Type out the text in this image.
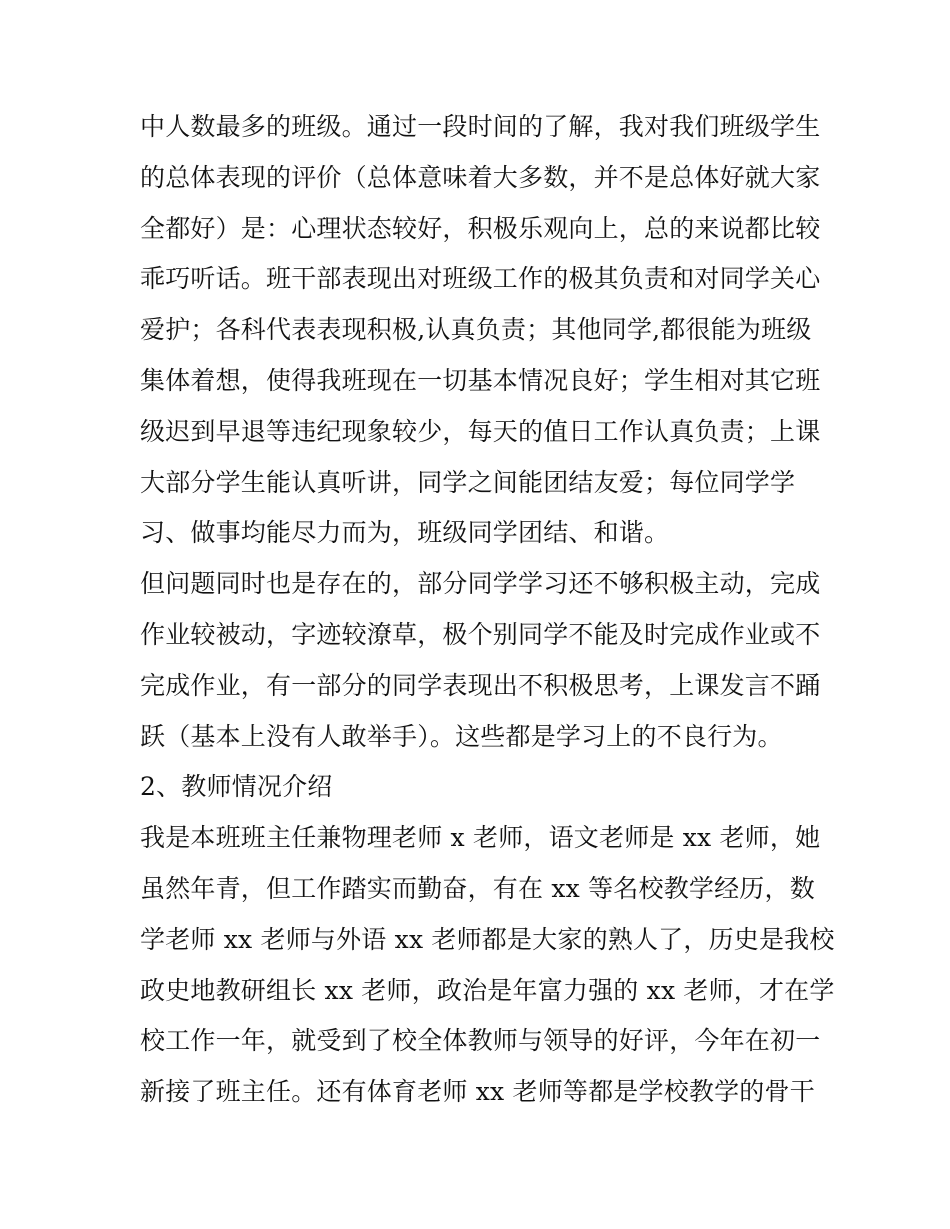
中人数最多的班级。通过一段时间的了解，我对我们班级学生
的总体表现的评价（总体意味着大多数，并不是总体好就大家
全都好）是：心理状态较好，积极乐观向上，总的来说都比较
乖巧听话。班干部表现出对班级工作的极其负责和对同学关心
爱护；各科代表表现积极,认真负责；其他同学,都很能为班级
集体着想，使得我班现在一切基本情况良好；学生相对其它班
级迟到早退等违纪现象较少，每天的值日工作认真负责；上课
大部分学生能认真听讲，同学之间能团结友爱；每位同学学
习、做事均能尽力而为，班级同学团结、和谐。
但问题同时也是存在的，部分同学学习还不够积极主动，完成
作业较被动，字迹较潦草，极个别同学不能及时完成作业或不
完成作业，有一部分的同学表现出不积极思考，上课发言不踊
跃（基本上没有人敢举手）。这些都是学习上的不良行为。
2、教师情况介绍
我是本班班主任兼物理老师 x 老师，语文老师是 xx 老师，她
虽然年青，但工作踏实而勤奋，有在 xx 等名校教学经历，数
学老师 xx 老师与外语 xx 老师都是大家的熟人了，历史是我校
政史地教研组长 xx 老师，政治是年富力强的 xx 老师，才在学
校工作一年，就受到了校全体教师与领导的好评，今年在初一
新接了班主任。还有体育老师 xx 老师等都是学校教学的骨干
